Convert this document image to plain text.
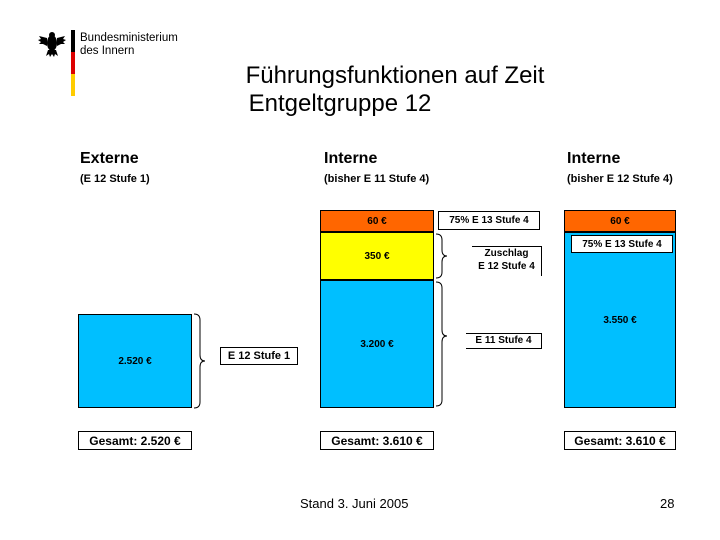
Bundesministerium
des Innern
Führungsfunktionen auf Zeit
Entgeltgruppe 12
Externe
(E 12 Stufe 1)
2.520 €	E 12 Stufe 1
Gesamt: 2.520 €
Interne
(bisher E 11 Stufe 4)
60 €
350 €
3.200 €
75% E 13 Stufe 4
Zuschlag
E 12 Stufe 4
E 11 Stufe 4
Gesamt: 3.610 €
Interne
(bisher E 12 Stufe 4)
60 €
75% E 13 Stufe 4
3.550 €
Gesamt: 3.610 €
Stand 3. Juni 2005	28
